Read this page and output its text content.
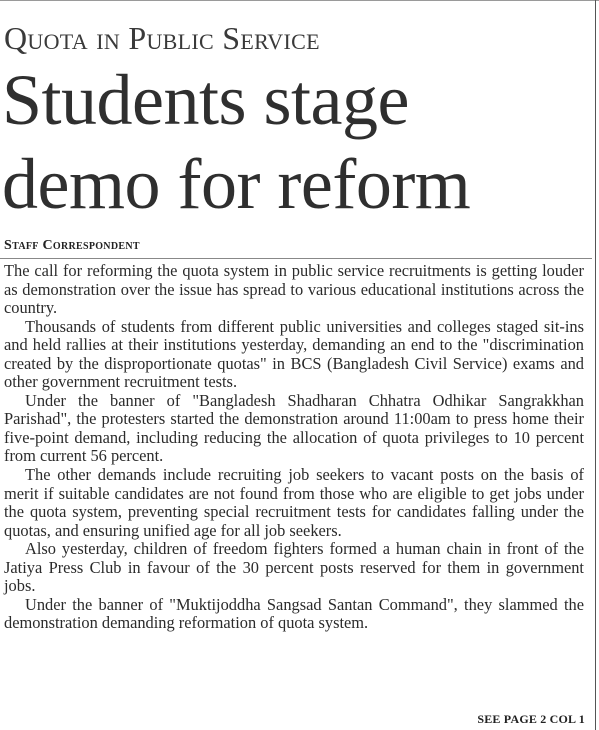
Quota in Public Service
Students stage
demo for reform
Staff Correspondent

The call for reforming the quota system in public service recruitments is getting louder as demonstration over the issue has spread to various educational institutions across the country.

Thousands of students from different public universities and colleges staged sit-ins and held rallies at their institutions yesterday, demanding an end to the "discrimination created by the disproportionate quotas" in BCS (Bangladesh Civil Service) exams and other government recruitment tests.

Under the banner of "Bangladesh Shadharan Chhatra Odhikar Sangrakkhan Parishad", the protesters started the demonstration around 11:00am to press home their five-point demand, including reducing the allocation of quota privileges to 10 percent from current 56 percent.

The other demands include recruiting job seekers to vacant posts on the basis of merit if suitable candidates are not found from those who are eligible to get jobs under the quota system, preventing special recruitment tests for candidates falling under the quotas, and ensuring unified age for all job seekers.

Also yesterday, children of freedom fighters formed a human chain in front of the Jatiya Press Club in favour of the 30 percent posts reserved for them in government jobs.

Under the banner of "Muktijoddha Sangsad Santan Command", they slammed the demonstration demanding reformation of quota system.

SEE PAGE 2 COL 1
